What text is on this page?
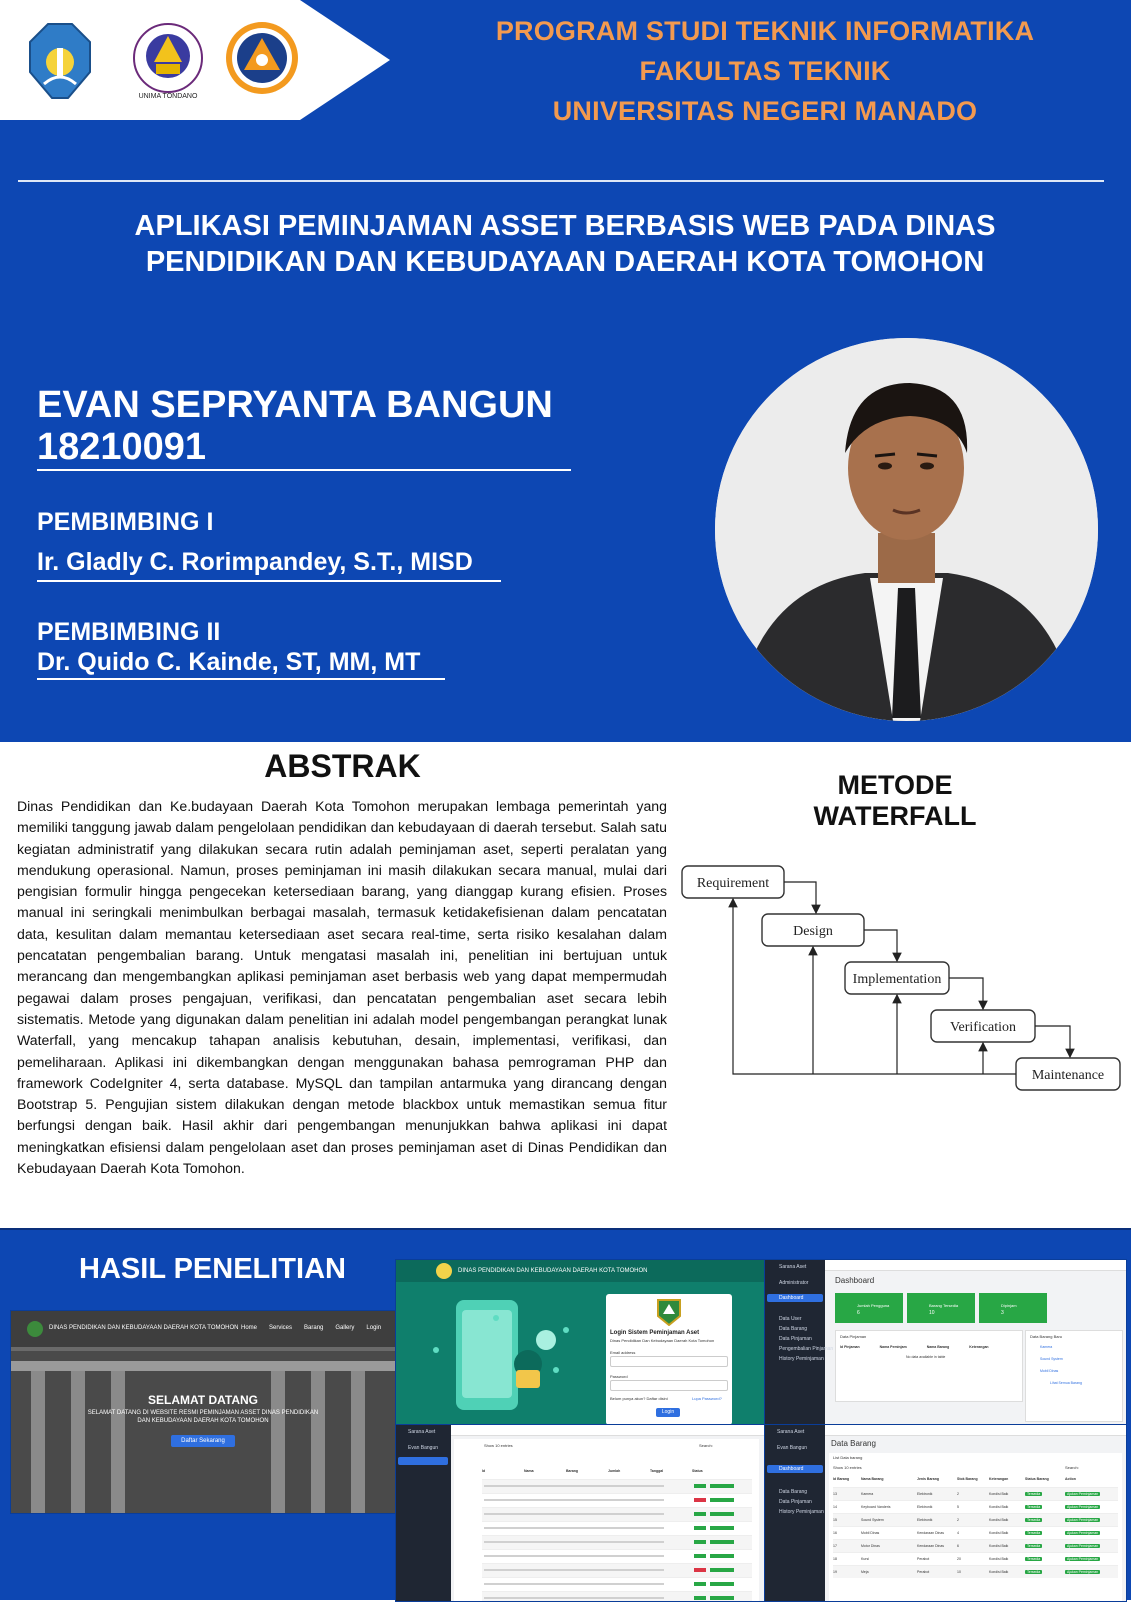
UNIMA TONDANO
PROGRAM STUDI TEKNIK INFORMATIKA
FAKULTAS TEKNIK
UNIVERSITAS NEGERI MANADO
APLIKASI PEMINJAMAN ASSET BERBASIS WEB PADA DINAS
PENDIDIKAN DAN KEBUDAYAAN DAERAH KOTA TOMOHON
EVAN SEPRYANTA BANGUN
18210091
PEMBIMBING I
Ir. Gladly C. Rorimpandey, S.T., MISD
PEMBIMBING II
Dr. Quido C. Kainde, ST, MM, MT
ABSTRAK
Dinas Pendidikan dan Ke.budayaan Daerah Kota Tomohon merupakan lembaga pemerintah yang memiliki tanggung jawab dalam pengelolaan pendidikan dan kebudayaan di daerah tersebut. Salah satu kegiatan administratif yang dilakukan secara rutin adalah peminjaman aset, seperti peralatan yang mendukung operasional. Namun, proses peminjaman ini masih dilakukan secara manual, mulai dari pengisian formulir hingga pengecekan ketersediaan barang, yang dianggap kurang efisien. Proses manual ini seringkali menimbulkan berbagai masalah, termasuk ketidakefisienan dalam pencatatan data, kesulitan dalam memantau ketersediaan aset secara real-time, serta risiko kesalahan dalam pencatatan pengembalian barang. Untuk mengatasi masalah ini, penelitian ini bertujuan untuk merancang dan mengembangkan aplikasi peminjaman aset berbasis web yang dapat mempermudah pegawai dalam proses pengajuan, verifikasi, dan pencatatan pengembalian aset secara lebih sistematis. Metode yang digunakan dalam penelitian ini adalah model pengembangan perangkat lunak Waterfall, yang mencakup tahapan analisis kebutuhan, desain, implementasi, verifikasi, dan pemeliharaan. Aplikasi ini dikembangkan dengan menggunakan bahasa pemrograman PHP dan framework CodeIgniter 4, serta database. MySQL dan tampilan antarmuka yang dirancang dengan Bootstrap 5. Pengujian sistem dilakukan dengan metode blackbox untuk memastikan semua fitur berfungsi dengan baik. Hasil akhir dari pengembangan menunjukkan bahwa aplikasi ini dapat meningkatkan efisiensi dalam pengelolaan aset dan proses peminjaman aset di Dinas Pendidikan dan Kebudayaan Daerah Kota Tomohon.
METODE
WATERFALL
Requirement
Design
Implementation
Verification
Maintenance
HASIL PENELITIAN
DINAS PENDIDIKAN DAN KEBUDAYAAN DAERAH KOTA TOMOHON Home Services Barang Gallery Login
SELAMAT DATANG
SELAMAT DATANG DI WEBSITE RESMI PEMINJAMAN ASSET DINAS PENDIDIKAN DAN KEBUDAYAAN DAERAH KOTA TOMOHON
Daftar Sekarang
DINAS PENDIDIKAN DAN KEBUDAYAAN DAERAH KOTA TOMOHON
Login Sistem Peminjaman Aset
Dinas Pendidikan Dan Kebudayaan Daerah Kota Tomohon
Email address
Password
Belum punya akun? Daftar disini	Lupa Password?
Login
Sarana Aset
Administrator
Dashboard
Data User
Data Barang
Data Pinjaman
Pengembalian Pinjaman
History Peminjaman
Dashboard
Jumlah Pengguna
6
Barang Tersedia
10
Dipinjam
3
Data Pinjaman
Id Pinjaman	Nama Peminjam	Nama Barang	Keterangan
No data available in table
Data Barang Baru
Kamera
Sound System
Mobil Dinas
Lihat Semua Barang
Sarana Aset
Evan Bangun	Show 10 entries	Search:
Id	Nama	Barang	Jumlah	Tanggal	Status
Sarana Aset
Evan Bangun
Dashboard
Data Barang
Data Pinjaman
History Peminjaman
Data Barang
List Data barang
Show 10 entries	Search:
Id Barang	Nama Barang	Jenis Barang	Stok Barang	Keterangan	Status Barang	Action
13	Kamera	Elektronik	2	Kondisi Baik	Tersedia	Ajukan Peminjaman
14	Keyboard Vanderis	Elektronik	5	Kondisi Baik	Tersedia	Ajukan Peminjaman
15	Sound System	Elektronik	2	Kondisi Baik	Tersedia	Ajukan Peminjaman
16	Mobil Dinas	Kendaraan Dinas	4	Kondisi Baik	Tersedia	Ajukan Peminjaman
17	Motor Dinas	Kendaraan Dinas	6	Kondisi Baik	Tersedia	Ajukan Peminjaman
18	Kursi	Perabot	20	Kondisi Baik	Tersedia	Ajukan Peminjaman
19	Meja	Perabot	10	Kondisi Baik	Tersedia	Ajukan Peminjaman
